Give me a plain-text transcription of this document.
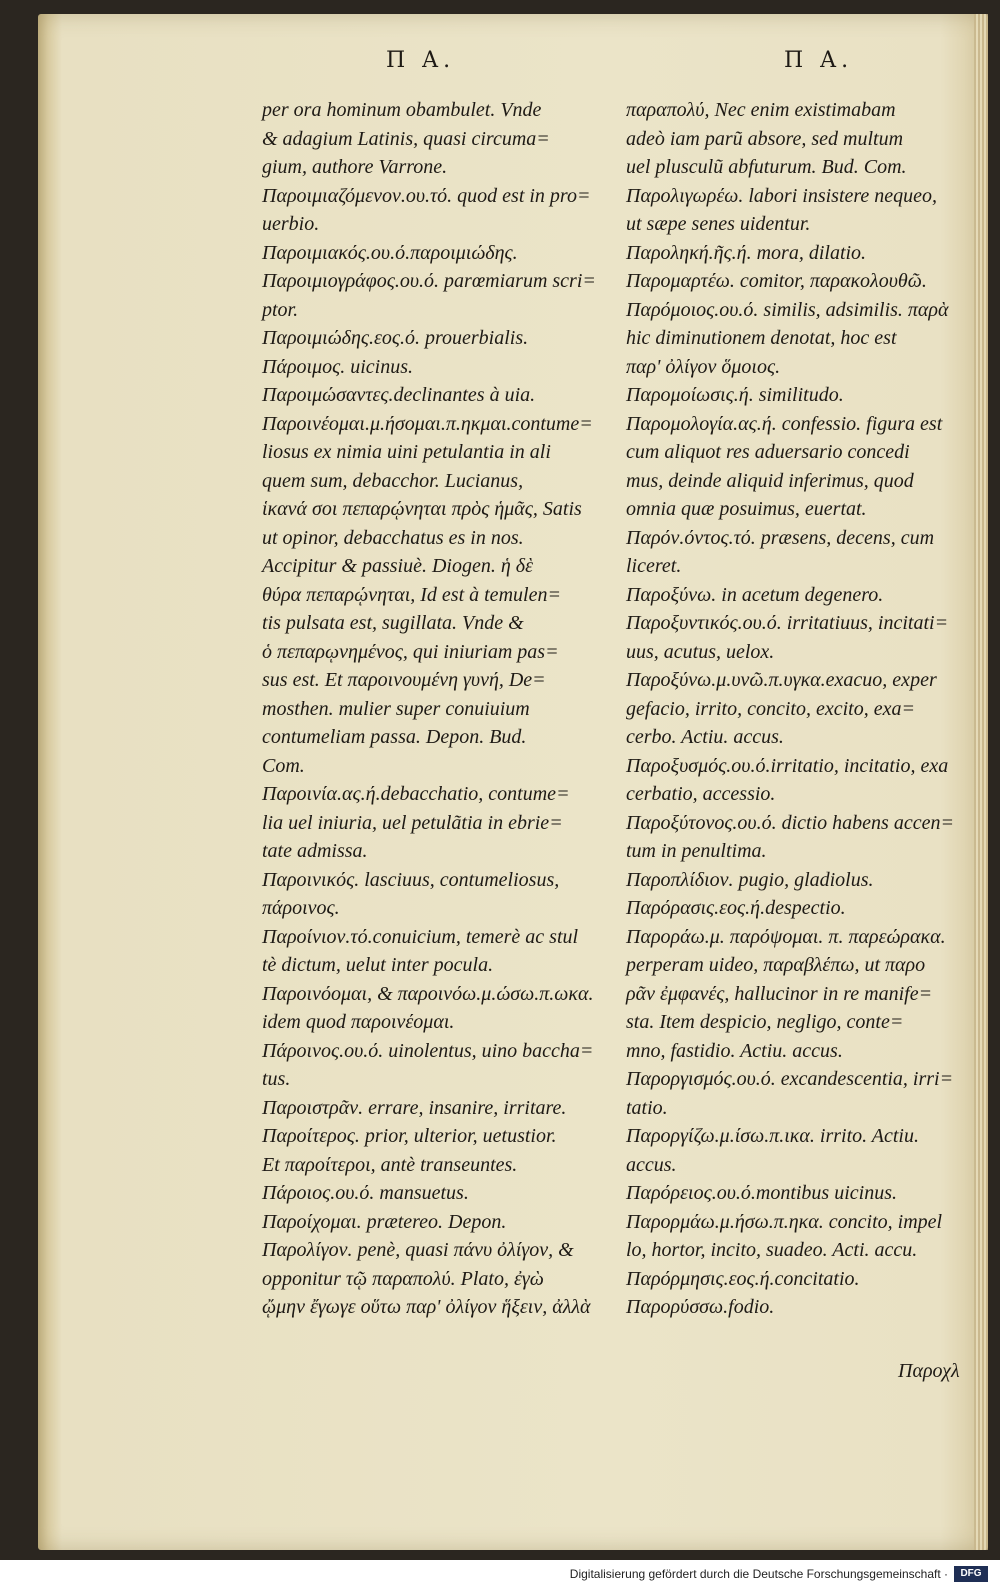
Π Α.	Π Α.
per ora hominum obambulet. Vnde
& adagium Latinis, quasi circuma=
gium, authore Varrone.
Παροιμιαζόμενον.ου.τό. quod est in pro=
uerbio.
Παροιμιακός.ου.ό.παροιμιώδης.
Παροιμιογράφος.ου.ό. parœmiarum scri=
ptor.
Παροιμιώδης.εος.ό. prouerbialis.
Πάροιμος. uicinus.
Παροιμώσαντες.declinantes à uia.
Παροινέομαι.μ.ήσομαι.π.ηκμαι.contume=
liosus ex nimia uini petulantia in ali
quem sum, debacchor. Lucianus,
ἱκανά σοι πεπαρῴνηται πρὸς ἡμᾶς, Satis
ut opinor, debacchatus es in nos.
Accipitur & passiuè. Diogen. ἡ δὲ
θύρα πεπαρῴνηται, Id est à temulen=
tis pulsata est, sugillata. Vnde &
ὁ πεπαρῳνημένος, qui iniuriam pas=
sus est. Et παροινουμένη γυνή, De=
mosthen. mulier super conuiuium
contumeliam passa. Depon. Bud.
Com.
Παροινία.ας.ή.debacchatio, contume=
lia uel iniuria, uel petulãtia in ebrie=
tate admissa.
Παροινικός. lasciuus, contumeliosus,
πάροινος.
Παροίνιον.τό.conuicium, temerè ac stul
tè dictum, uelut inter pocula.
Παροινόομαι, & παροινόω.μ.ώσω.π.ωκα.
idem quod παροινέομαι.
Πάροινος.ου.ό. uinolentus, uino baccha=
tus.
Παροιστρᾶν. errare, insanire, irritare.
Παροίτερος. prior, ulterior, uetustior.
Et παροίτεροι, antè transeuntes.
Πάροιος.ου.ό. mansuetus.
Παροίχομαι. prætereo. Depon.
Παρολίγον. penè, quasi πάνυ ὀλίγον, &
opponitur τῷ παραπολύ. Plato, ἐγὼ
ᾤμην ἔγωγε οὕτω παρ' ὀλίγον ἥξειν, ἀλλὰ
παραπολύ, Nec enim existimabam
adeò iam parũ absore, sed multum
uel plusculũ abfuturum. Bud. Com.
Παρολιγωρέω. labori insistere nequeo,
ut sæpe senes uidentur.
Παροληκή.ῆς.ή. mora, dilatio.
Παρομαρτέω. comitor, παρακολουθῶ.
Παρόμοιος.ου.ό. similis, adsimilis. παρὰ
hic diminutionem denotat, hoc est
παρ' ὀλίγον ὅμοιος.
Παρομοίωσις.ή. similitudo.
Παρομολογία.ας.ή. confessio. figura est
cum aliquot res aduersario concedi
mus, deinde aliquid inferimus, quod
omnia quæ posuimus, euertat.
Παρόν.όντος.τό. præsens, decens, cum
liceret.
Παροξύνω. in acetum degenero.
Παροξυντικός.ου.ό. irritatiuus, incitati=
uus, acutus, uelox.
Παροξύνω.μ.υνῶ.π.υγκα.exacuo, exper
gefacio, irrito, concito, excito, exa=
cerbo. Actiu. accus.
Παροξυσμός.ου.ό.irritatio, incitatio, exa
cerbatio, accessio.
Παροξύτονος.ου.ό. dictio habens accen=
tum in penultima.
Παροπλίδιον. pugio, gladiolus.
Παρόρασις.εος.ή.despectio.
Παροράω.μ. παρόψομαι. π. παρεώρακα.
perperam uideo, παραβλέπω, ut παρο
ρᾶν ἐμφανές, hallucinor in re manife=
sta. Item despicio, negligo, conte=
mno, fastidio. Actiu. accus.
Παροργισμός.ου.ό. excandescentia, irri=
tatio.
Παροργίζω.μ.ίσω.π.ικα. irrito. Actiu.
accus.
Παρόρειος.ου.ό.montibus uicinus.
Παρορμάω.μ.ήσω.π.ηκα. concito, impel
lo, hortor, incito, suadeo. Acti. accu.
Παρόρμησις.εος.ή.concitatio.
Παρορύσσω.fodio.
Παροχλ
Digitalisierung gefördert durch die Deutsche Forschungsgemeinschaft ·	DFG
